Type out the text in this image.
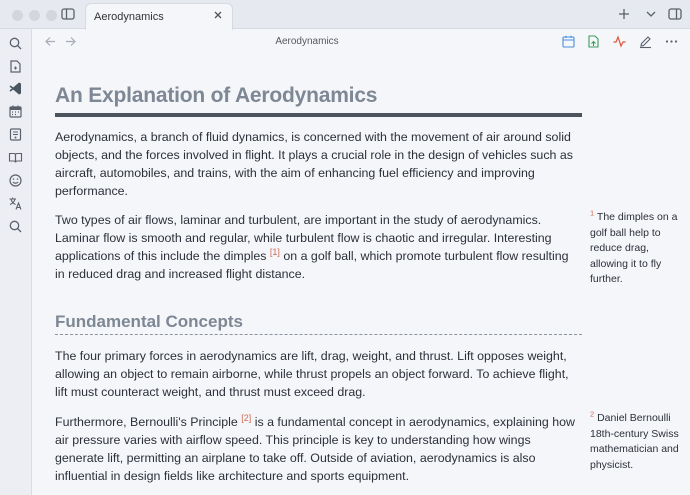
Aerodynamics
Aerodynamics
An Explanation of Aerodynamics

Aerodynamics, a branch of fluid dynamics, is concerned with the movement of air around solid objects, and the forces involved in flight. It plays a crucial role in the design of vehicles such as aircraft, automobiles, and trains, with the aim of enhancing fuel efficiency and improving performance.

Two types of air flows, laminar and turbulent, are important in the study of aerodynamics. Laminar flow is smooth and regular, while turbulent flow is chaotic and irregular. Interesting applications of this include the dimples [1] on a golf ball, which promote turbulent flow resulting in reduced drag and increased flight distance.

Fundamental Concepts

The four primary forces in aerodynamics are lift, drag, weight, and thrust. Lift opposes weight, allowing an object to remain airborne, while thrust propels an object forward. To achieve flight, lift must counteract weight, and thrust must exceed drag.

Furthermore, Bernoulli's Principle [2] is a fundamental concept in aerodynamics, explaining how air pressure varies with airflow speed. This principle is key to understanding how wings generate lift, permitting an airplane to take off. Outside of aviation, aerodynamics is also influential in design fields like architecture and sports equipment.

$^1$ The dimples on a golf ball help to reduce drag, allowing it to fly further.
$^2$ Daniel Bernoulli 18th-century Swiss mathematician and physicist.
